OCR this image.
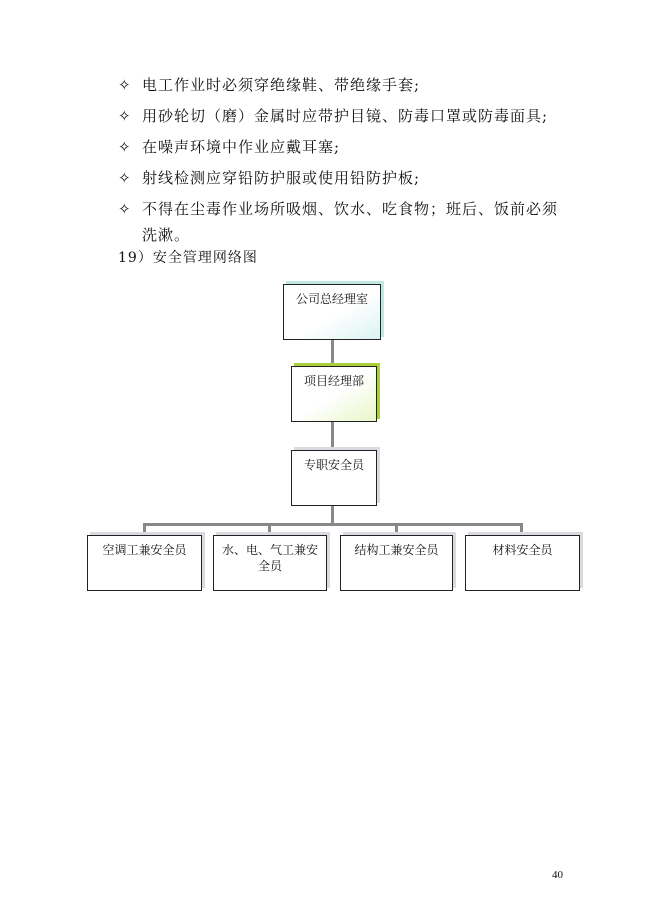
✧ 电工作业时必须穿绝缘鞋、带绝缘手套;
✧ 用砂轮切（磨）金属时应带护目镜、防毒口罩或防毒面具;
✧ 在噪声环境中作业应戴耳塞;
✧ 射线检测应穿铅防护服或使用铅防护板;
✧ 不得在尘毒作业场所吸烟、饮水、吃食物；班后、饭前必须洗漱。
19）安全管理网络图
公司总经理室
项目经理部
专职安全员
空调工兼安全员	水、电、气工兼安全员
结构工兼安全员	材料安全员
40
